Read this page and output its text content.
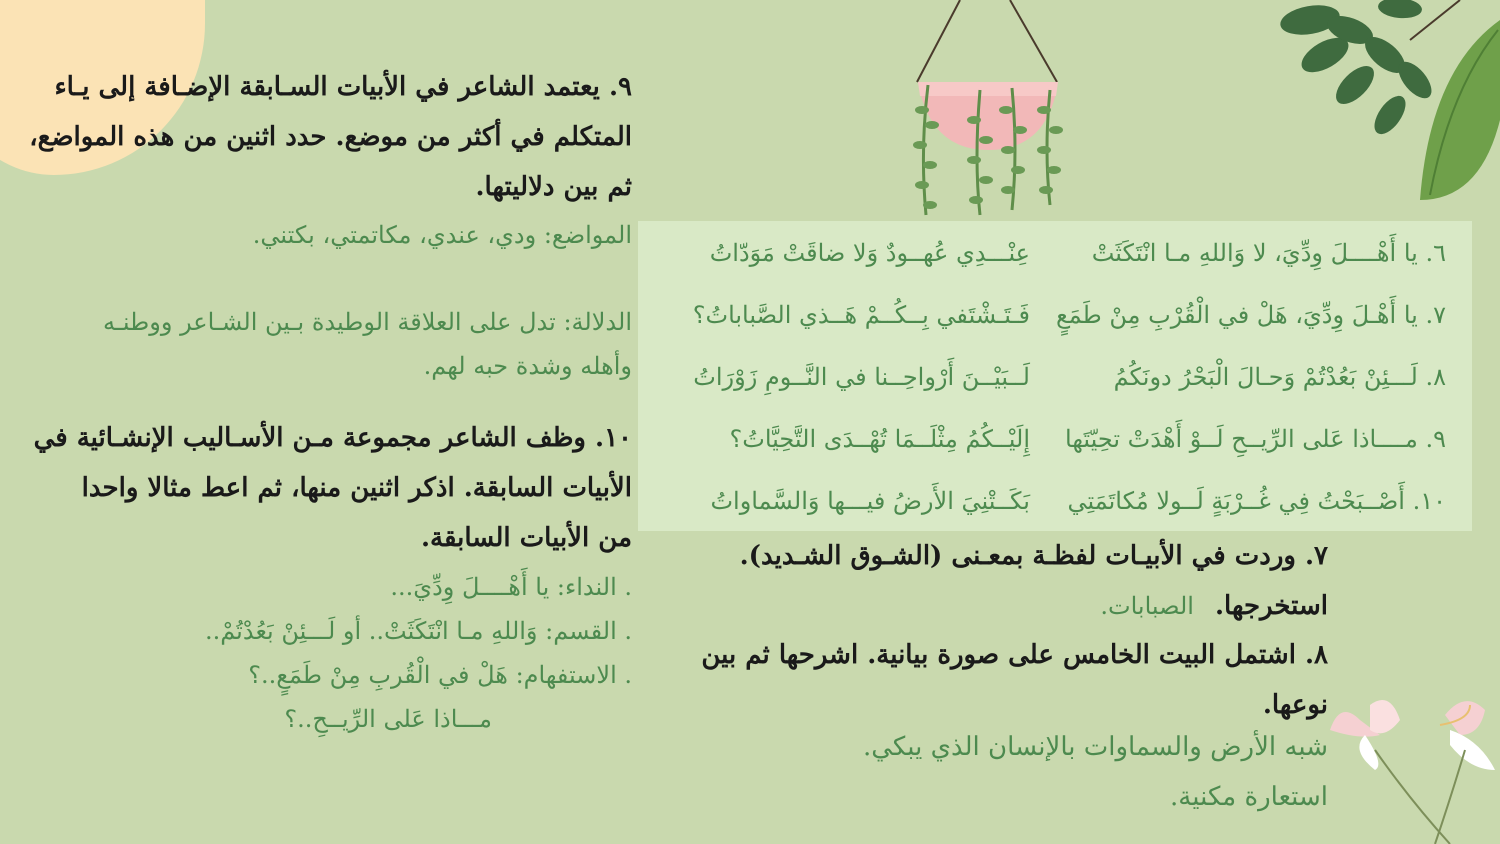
٩. يعتمد الشاعر في الأبيات السـابقة الإضـافة إلى يـاء
المتكلم في أكثر من موضع. حدد اثنين من هذه المواضع،
ثم بين دلاليتها.
المواضع: ودي، عندي، مكاتمتي، بكتني.
الدلالة: تدل على العلاقة الوطيدة بـين الشـاعر ووطنـه
وأهله وشدة حبه لهم.
١٠. وظف الشاعر مجموعة مـن الأسـاليب الإنشـائية في
الأبيات السابقة. اذكر اثنين منها، ثم اعط مثالا واحدا
من الأبيات السابقة.
. النداء: يا أَهْــــلَ وِدِّيَ...
. القسم: وَاللهِ مـا انْتَكَثَتْ.. أو لَـــئِنْ بَعُدْتُمْ..
. الاستفهام: هَلْ في الْقُربِ مِنْ طَمَعٍ..؟
مـــاذا عَلى الرِّيــحِ..؟
٦. يا أَهْــــلَ وِدِّيَ، لا وَاللهِ مـا انْتَكَثَتْ
عِنْـــدِي عُهــودٌ وَلا ضاقَتْ مَوَدّاتُ
٧. يا أَهْـلَ وِدِّيَ، هَلْ في الْقُرْبِ مِنْ طَمَعٍ
فَـتَـشْتَفي بِــكُــمْ هَــذي الصَّباباتُ؟
٨. لَـــئِنْ بَعُدْتُمْ وَحـالَ الْبَحْرُ دونَكُمُ
لَــبَيْــنَ أَرْواحِــنا في النَّــومِ زَوْرَاتُ
٩. مــــاذا عَلى الرِّيــحِ لَــوْ أَهْدَتْ تحِيّتَها
إِلَيْــكُمُ مِثْلَــمَا تُهْــدَى التَّحِيَّاتُ؟
١٠. أَصْــبَحْتُ فِي غُــرْبَةٍ لَــولا مُكاتَمَتِي
بَكَــتْنِيَ الأَرضُ فيـــها وَالسَّماواتُ
٧. وردت في الأبيـات لفظـة بمعـنى (الشـوق الشـديد).
استخرجها. الصبابات.
٨. اشتمل البيت الخامس على صورة بيانية. اشرحها ثم بين
نوعها.
شبه الأرض والسماوات بالإنسان الذي يبكي.
استعارة مكنية.
